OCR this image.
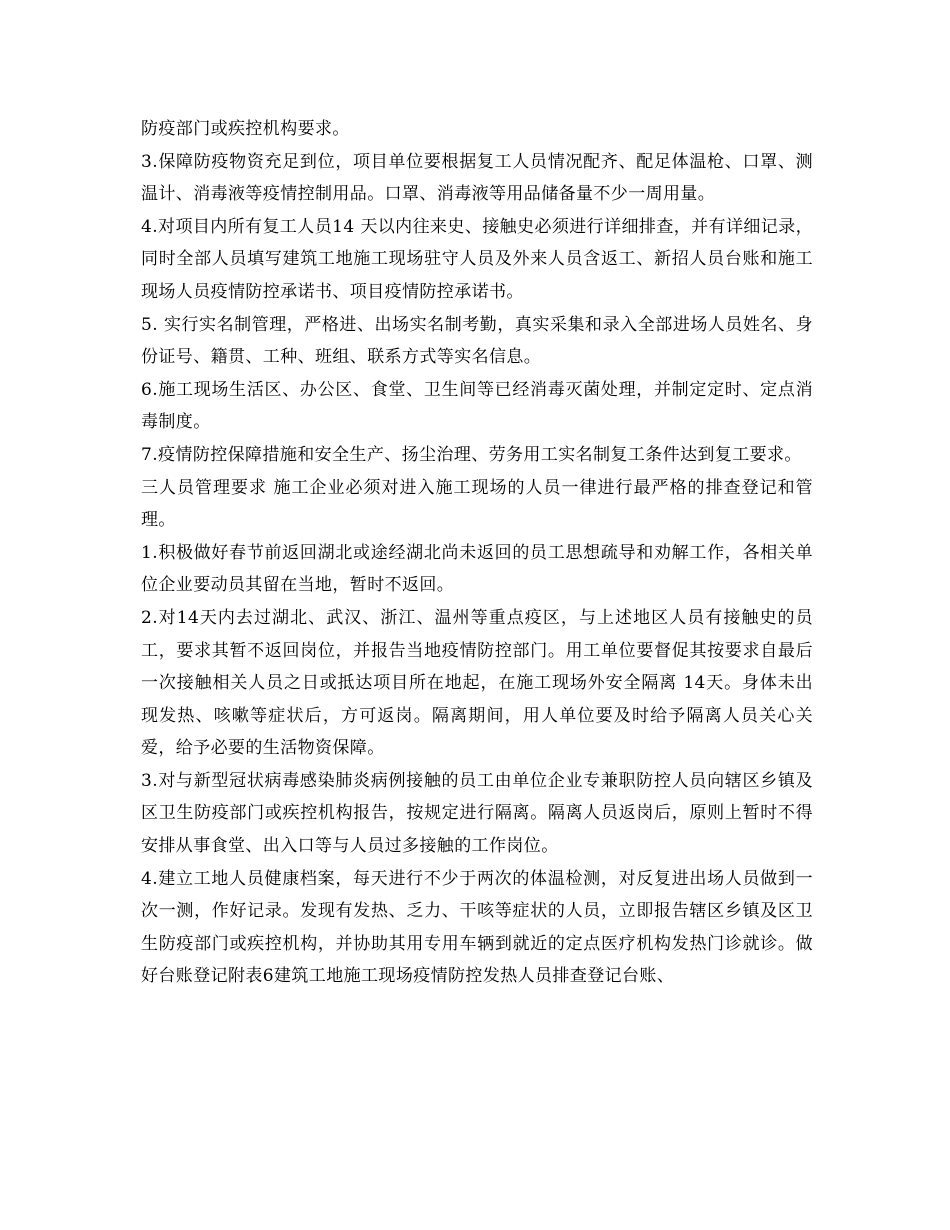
防疫部门或疾控机构要求。

3.保障防疫物资充足到位，项目单位要根据复工人员情况配齐、配足体温枪、口罩、测温计、消毒液等疫情控制用品。口罩、消毒液等用品储备量不少一周用量。

4.对项目内所有复工人员14 天以内往来史、接触史必须进行详细排查，并有详细记录，同时全部人员填写建筑工地施工现场驻守人员及外来人员含返工、新招人员台账和施工现场人员疫情防控承诺书、项目疫情防控承诺书。

5. 实行实名制管理，严格进、出场实名制考勤，真实采集和录入全部进场人员姓名、身份证号、籍贯、工种、班组、联系方式等实名信息。

6.施工现场生活区、办公区、食堂、卫生间等已经消毒灭菌处理，并制定定时、定点消毒制度。

7.疫情防控保障措施和安全生产、扬尘治理、劳务用工实名制复工条件达到复工要求。

三人员管理要求 施工企业必须对进入施工现场的人员一律进行最严格的排查登记和管理。

1.积极做好春节前返回湖北或途经湖北尚未返回的员工思想疏导和劝解工作，各相关单位企业要动员其留在当地，暂时不返回。

2.对14天内去过湖北、武汉、浙江、温州等重点疫区，与上述地区人员有接触史的员工，要求其暂不返回岗位，并报告当地疫情防控部门。用工单位要督促其按要求自最后一次接触相关人员之日或抵达项目所在地起，在施工现场外安全隔离 14天。身体未出现发热、咳嗽等症状后，方可返岗。隔离期间，用人单位要及时给予隔离人员关心关爱，给予必要的生活物资保障。

3.对与新型冠状病毒感染肺炎病例接触的员工由单位企业专兼职防控人员向辖区乡镇及区卫生防疫部门或疾控机构报告，按规定进行隔离。隔离人员返岗后，原则上暂时不得安排从事食堂、出入口等与人员过多接触的工作岗位。

4.建立工地人员健康档案，每天进行不少于两次的体温检测，对反复进出场人员做到一次一测，作好记录。发现有发热、乏力、干咳等症状的人员，立即报告辖区乡镇及区卫生防疫部门或疾控机构，并协助其用专用车辆到就近的定点医疗机构发热门诊就诊。做好台账登记附表6建筑工地施工现场疫情防控发热人员排查登记台账、
